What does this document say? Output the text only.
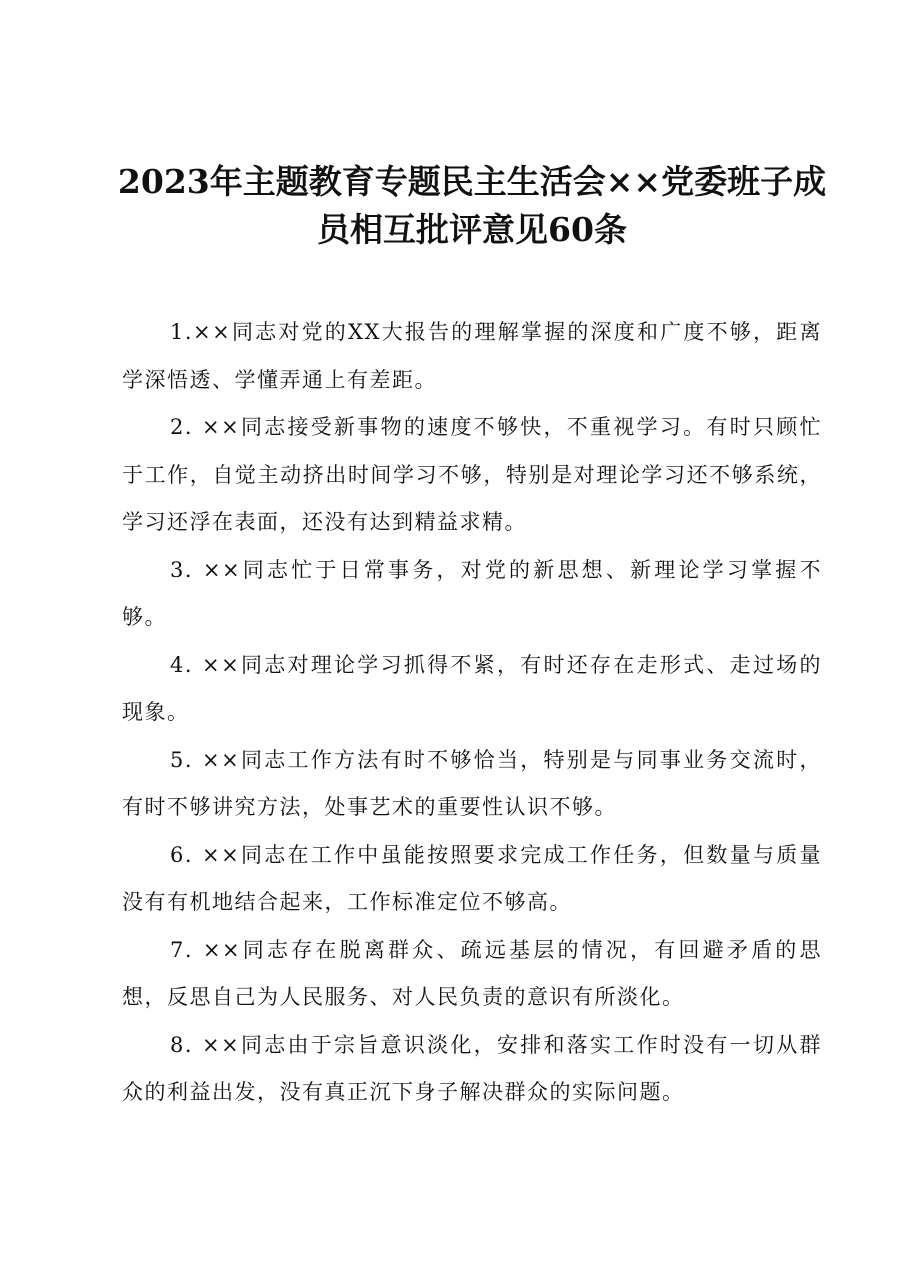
2023年主题教育专题民主生活会××党委班子成
员相互批评意见60条

1.××同志对党的XX大报告的理解掌握的深度和广度不够，距离学深悟透、学懂弄通上有差距。

2. ××同志接受新事物的速度不够快，不重视学习。有时只顾忙于工作，自觉主动挤出时间学习不够，特别是对理论学习还不够系统，学习还浮在表面，还没有达到精益求精。

3. ××同志忙于日常事务，对党的新思想、新理论学习掌握不够。

4. ××同志对理论学习抓得不紧，有时还存在走形式、走过场的现象。

5. ××同志工作方法有时不够恰当，特别是与同事业务交流时，有时不够讲究方法，处事艺术的重要性认识不够。

6. ××同志在工作中虽能按照要求完成工作任务，但数量与质量没有有机地结合起来，工作标准定位不够高。

7. ××同志存在脱离群众、疏远基层的情况，有回避矛盾的思想，反思自己为人民服务、对人民负责的意识有所淡化。

8. ××同志由于宗旨意识淡化，安排和落实工作时没有一切从群众的利益出发，没有真正沉下身子解决群众的实际问题。
